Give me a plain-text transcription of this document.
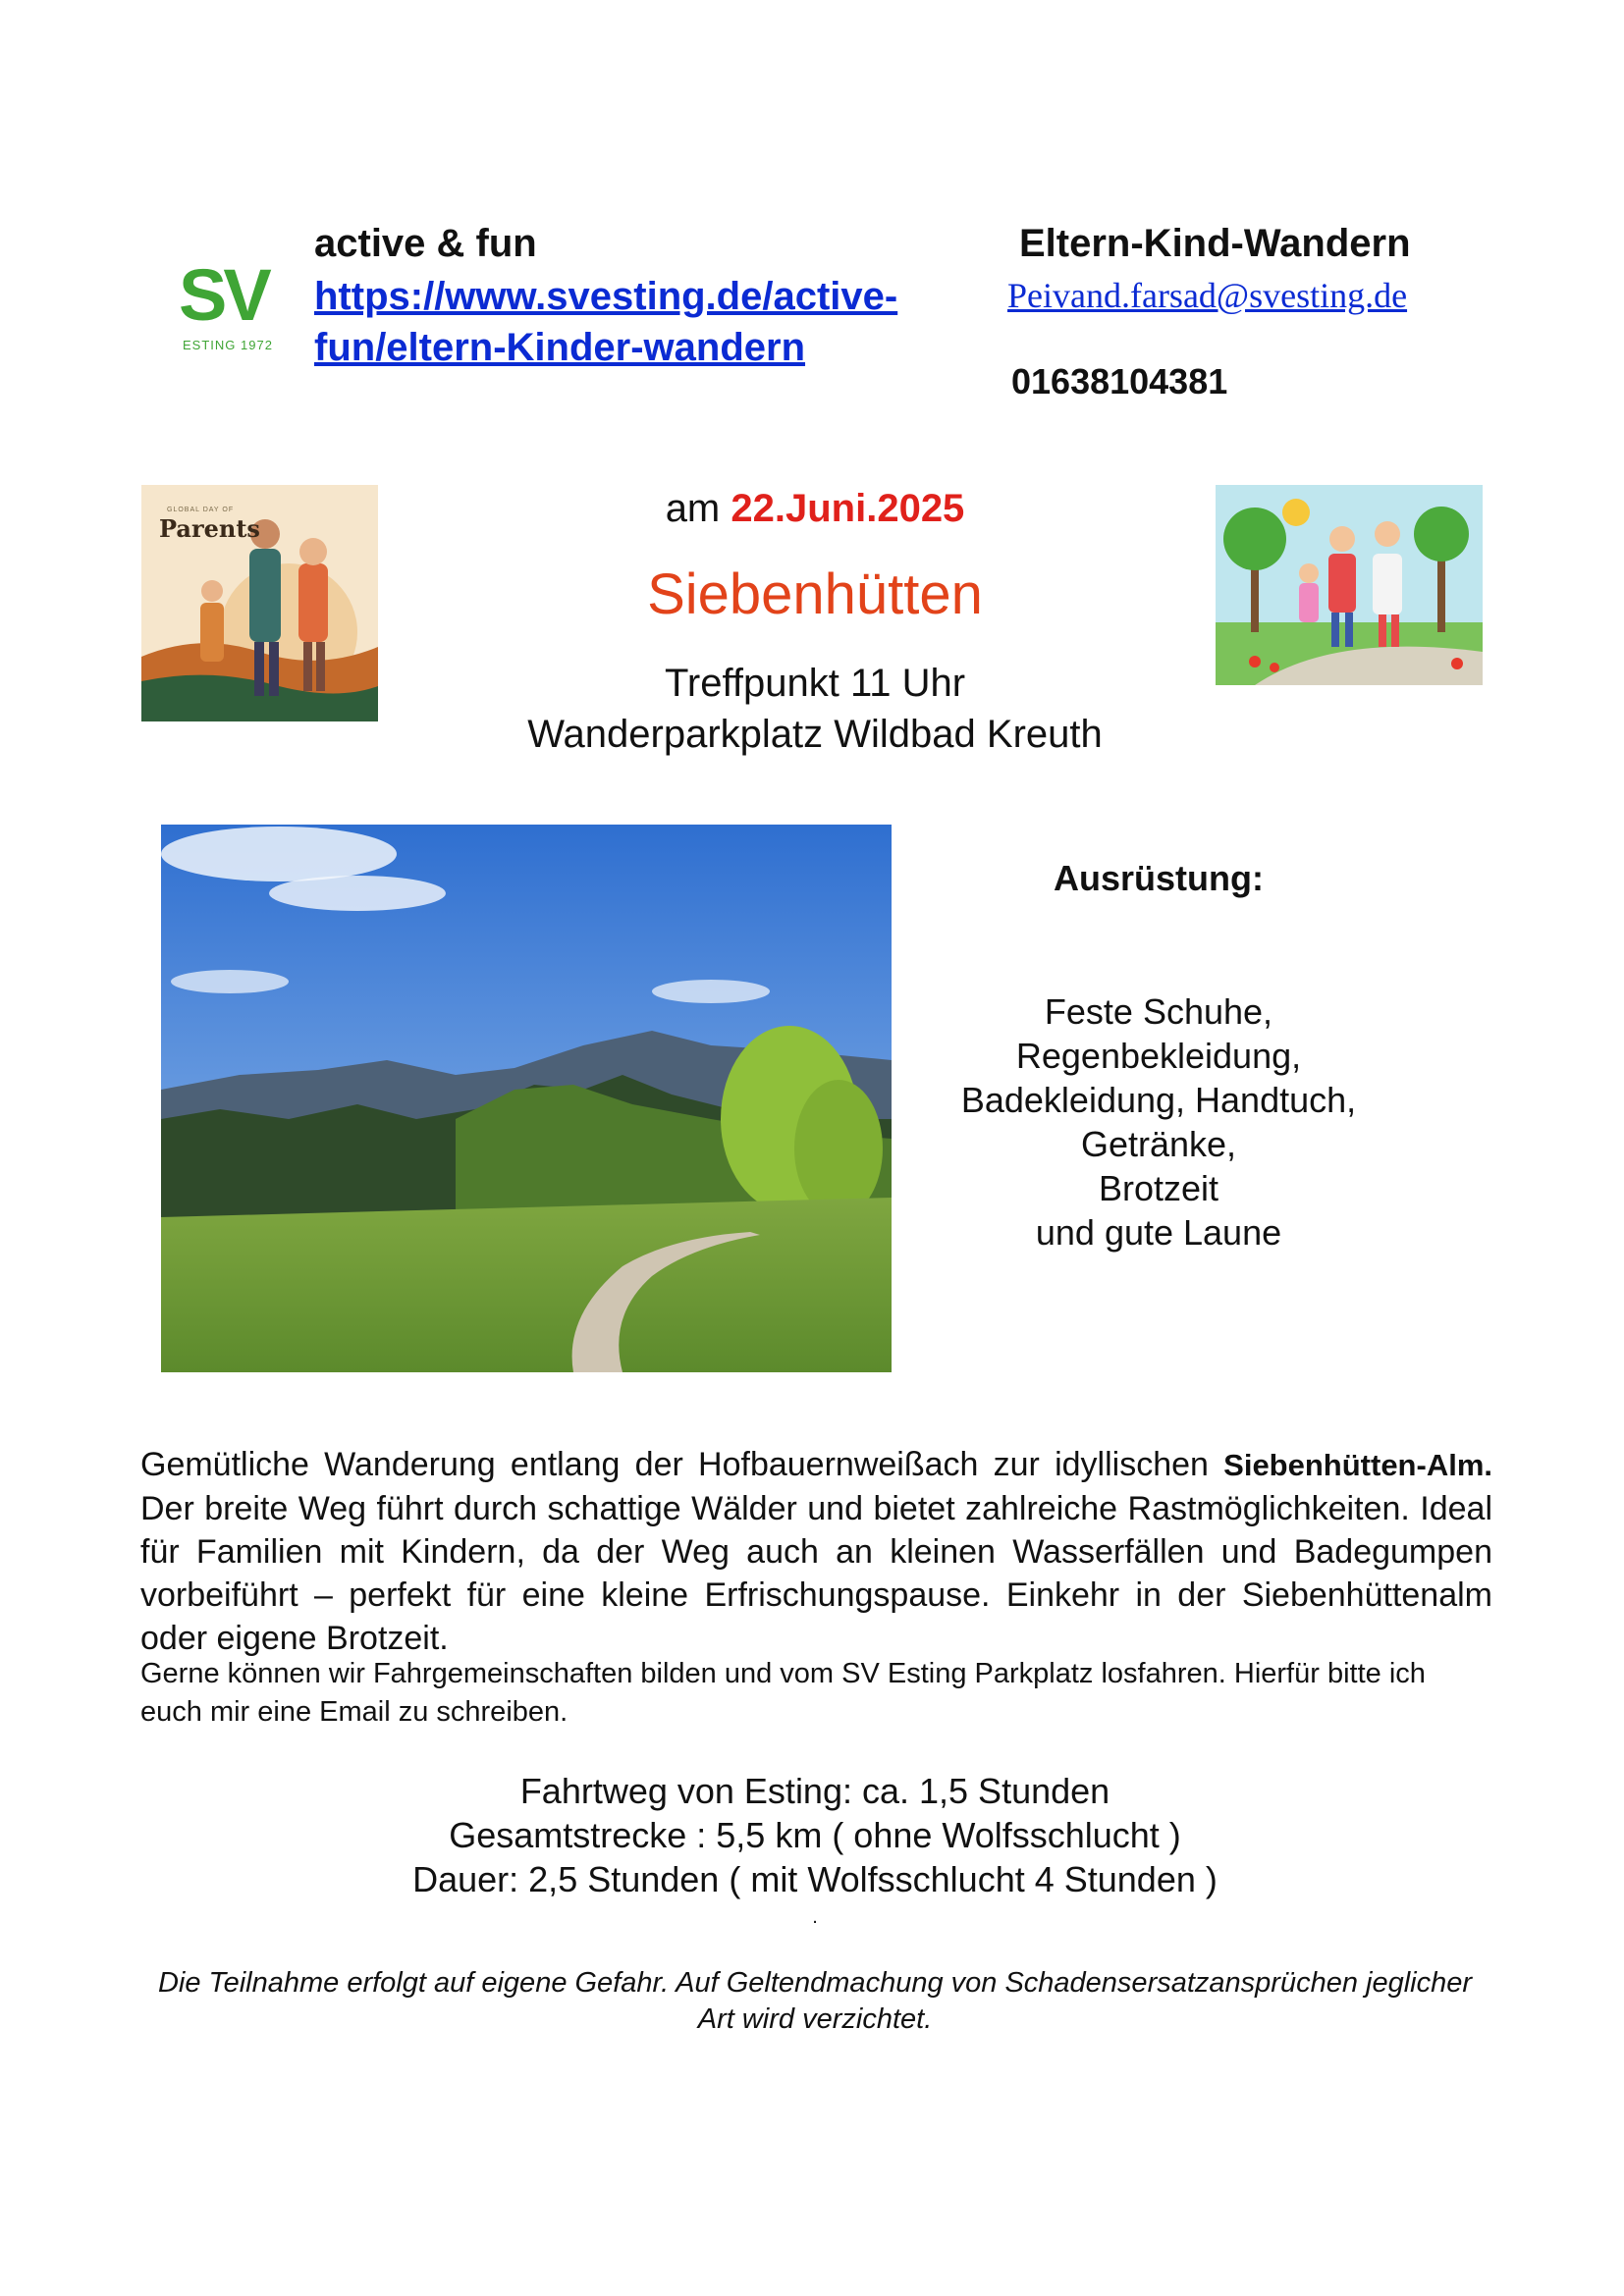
SV
ESTING 1972
active & fun
https://www.svesting.de/active-fun/eltern-Kinder-wandern
Eltern-Kind-Wandern
Peivand.farsad@svesting.de
01638104381
GLOBAL DAY OF
Parents	am 22.Juni.2025
Siebenhütten
Treffpunkt 11 Uhr
Wanderparkplatz Wildbad Kreuth
Ausrüstung:
Feste Schuhe,
Regenbekleidung,
Badekleidung, Handtuch,
Getränke,
Brotzeit
und gute Laune
Gemütliche Wanderung entlang der Hofbauernweißach zur idyllischen Siebenhütten-Alm. Der breite Weg führt durch schattige Wälder und bietet zahlreiche Rastmöglichkeiten. Ideal für Familien mit Kindern, da der Weg auch an kleinen Wasserfällen und Badegumpen vorbeiführt – perfekt für eine kleine Erfrischungspause. Einkehr in der Siebenhüttenalm oder eigene Brotzeit.
Gerne können wir Fahrgemeinschaften bilden und vom SV Esting Parkplatz losfahren. Hierfür bitte ich euch mir eine Email zu schreiben.
Fahrtweg von Esting: ca. 1,5 Stunden
Gesamtstrecke : 5,5 km ( ohne Wolfsschlucht )
Dauer: 2,5 Stunden ( mit Wolfsschlucht 4 Stunden )
.
Die Teilnahme erfolgt auf eigene Gefahr. Auf Geltendmachung von Schadensersatzansprüchen jeglicher Art wird verzichtet.
